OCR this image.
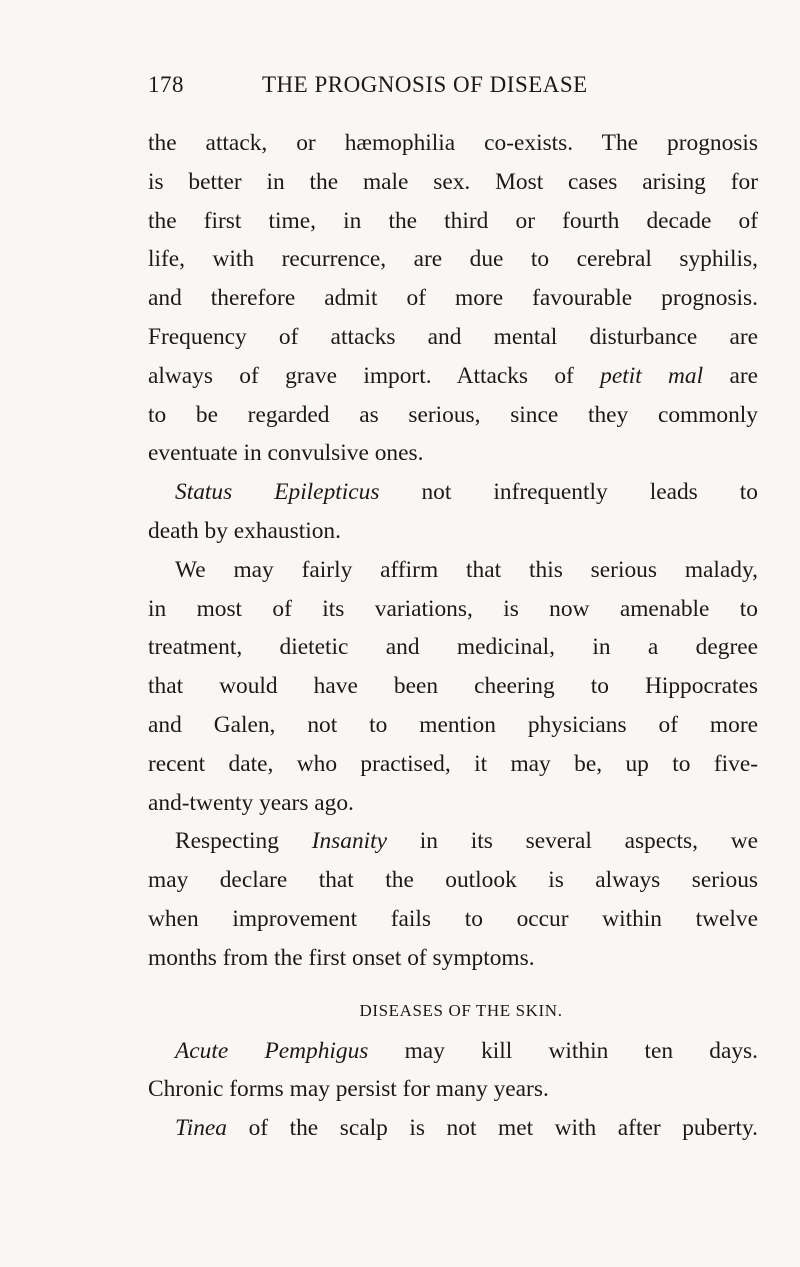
178	THE PROGNOSIS OF DISEASE
the attack, or hæmophilia co-exists. The prognosis
is better in the male sex. Most cases arising for
the first time, in the third or fourth decade of
life, with recurrence, are due to cerebral syphilis,
and therefore admit of more favourable prognosis.
Frequency of attacks and mental disturbance are
always of grave import. Attacks of petit mal are
to be regarded as serious, since they commonly
eventuate in convulsive ones.
Status Epilepticus not infrequently leads to
death by exhaustion.
We may fairly affirm that this serious malady,
in most of its variations, is now amenable to
treatment, dietetic and medicinal, in a degree
that would have been cheering to Hippocrates
and Galen, not to mention physicians of more
recent date, who practised, it may be, up to five-
and-twenty years ago.
Respecting Insanity in its several aspects, we
may declare that the outlook is always serious
when improvement fails to occur within twelve
months from the first onset of symptoms.
DISEASES OF THE SKIN.
Acute Pemphigus may kill within ten days.
Chronic forms may persist for many years.
Tinea of the scalp is not met with after puberty.
